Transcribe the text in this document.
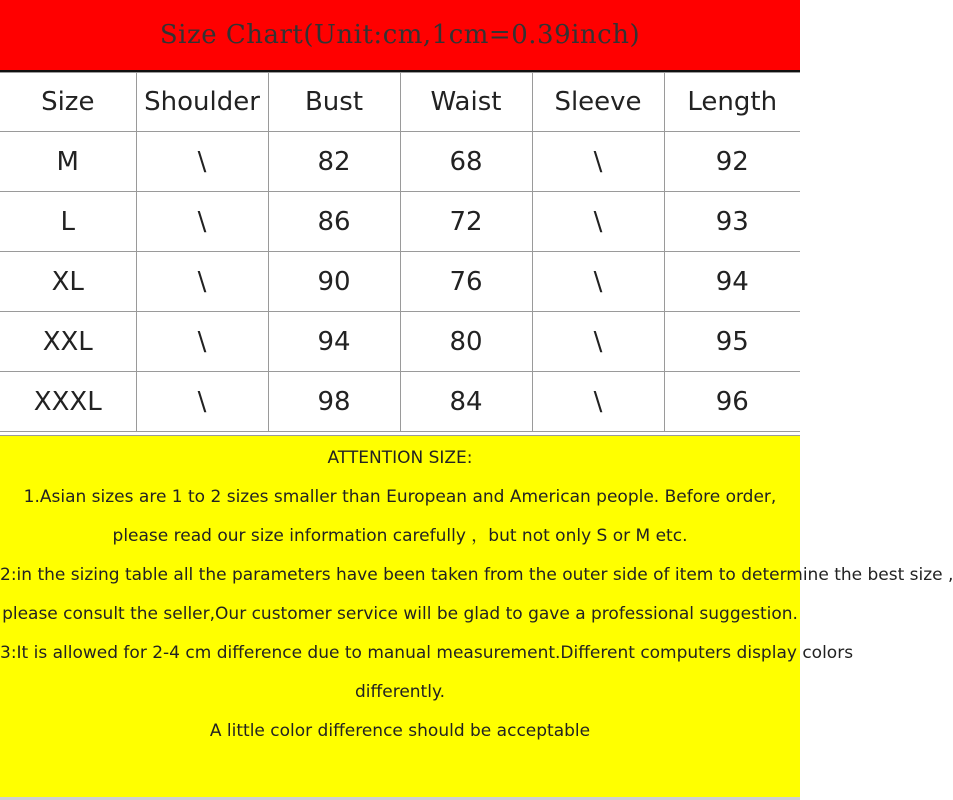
Size Chart(Unit:cm,1cm=0.39inch)
Size	Shoulder	Bust	Waist	Sleeve	Length
M	\	82	68	\	92
L	\	86	72	\	93
XL	\	90	76	\	94
XXL	\	94	80	\	95
XXXL	\	98	84	\	96
ATTENTION SIZE:
1.Asian sizes are 1 to 2 sizes smaller than European and American people. Before order,
please read our size information carefully ，but not only S or M etc.
2:in the sizing table all the parameters have been taken from the outer side of item to determine the best size ,
please consult the seller,Our customer service will be glad to gave a professional suggestion.
3:It is allowed for 2-4 cm difference due to manual measurement.Different computers display colors
differently.
A little color difference should be acceptable
